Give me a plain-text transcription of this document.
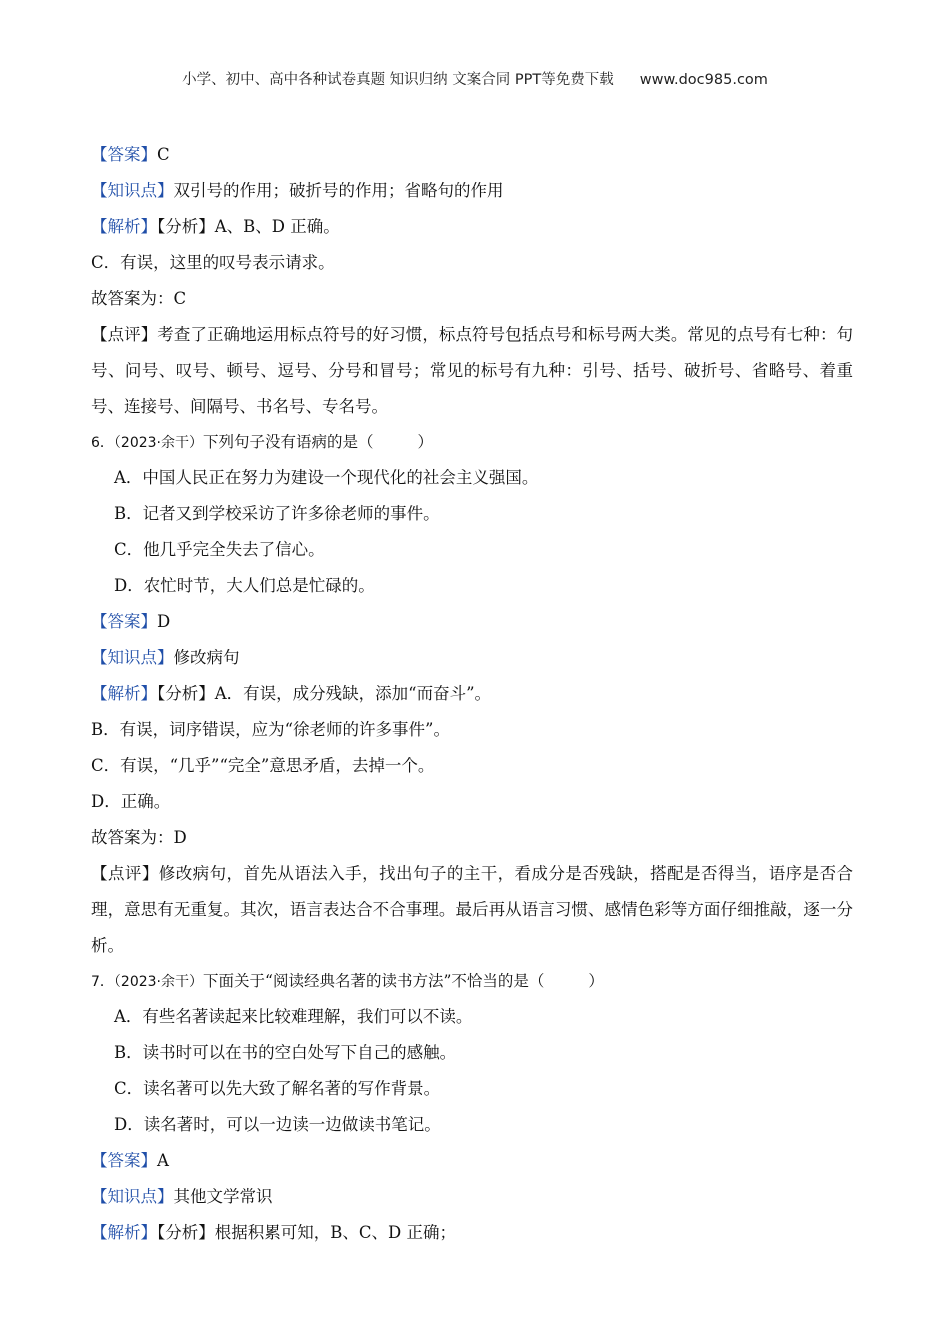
小学、初中、高中各种试卷真题 知识归纳 文案合同 PPT等免费下载 www.doc985.com
【答案】C
【知识点】双引号的作用；破折号的作用；省略句的作用
【解析】【分析】A、B、D 正确。
C．有误，这里的叹号表示请求。
故答案为：C
【点评】考查了正确地运用标点符号的好习惯，标点符号包括点号和标号两大类。常见的点号有七种：句号、问号、叹号、顿号、逗号、分号和冒号；常见的标号有九种：引号、括号、破折号、省略号、着重号、连接号、间隔号、书名号、专名号。
6．（2023·余干）下列句子没有语病的是（	）
A．中国人民正在努力为建设一个现代化的社会主义强国。
B．记者又到学校采访了许多徐老师的事件。
C．他几乎完全失去了信心。
D．农忙时节，大人们总是忙碌的。
【答案】D
【知识点】修改病句
【解析】【分析】A．有误，成分残缺，添加“而奋斗”。
B．有误，词序错误，应为“徐老师的许多事件”。
C．有误，“几乎”“完全”意思矛盾，去掉一个。
D．正确。
故答案为：D
【点评】修改病句，首先从语法入手，找出句子的主干，看成分是否残缺，搭配是否得当，语序是否合理，意思有无重复。其次，语言表达合不合事理。最后再从语言习惯、感情色彩等方面仔细推敲，逐一分析。
7．（2023·余干）下面关于“阅读经典名著的读书方法”不恰当的是（	）
A．有些名著读起来比较难理解，我们可以不读。
B．读书时可以在书的空白处写下自己的感触。
C．读名著可以先大致了解名著的写作背景。
D．读名著时，可以一边读一边做读书笔记。
【答案】A
【知识点】其他文学常识
【解析】【分析】根据积累可知，B、C、D 正确；
